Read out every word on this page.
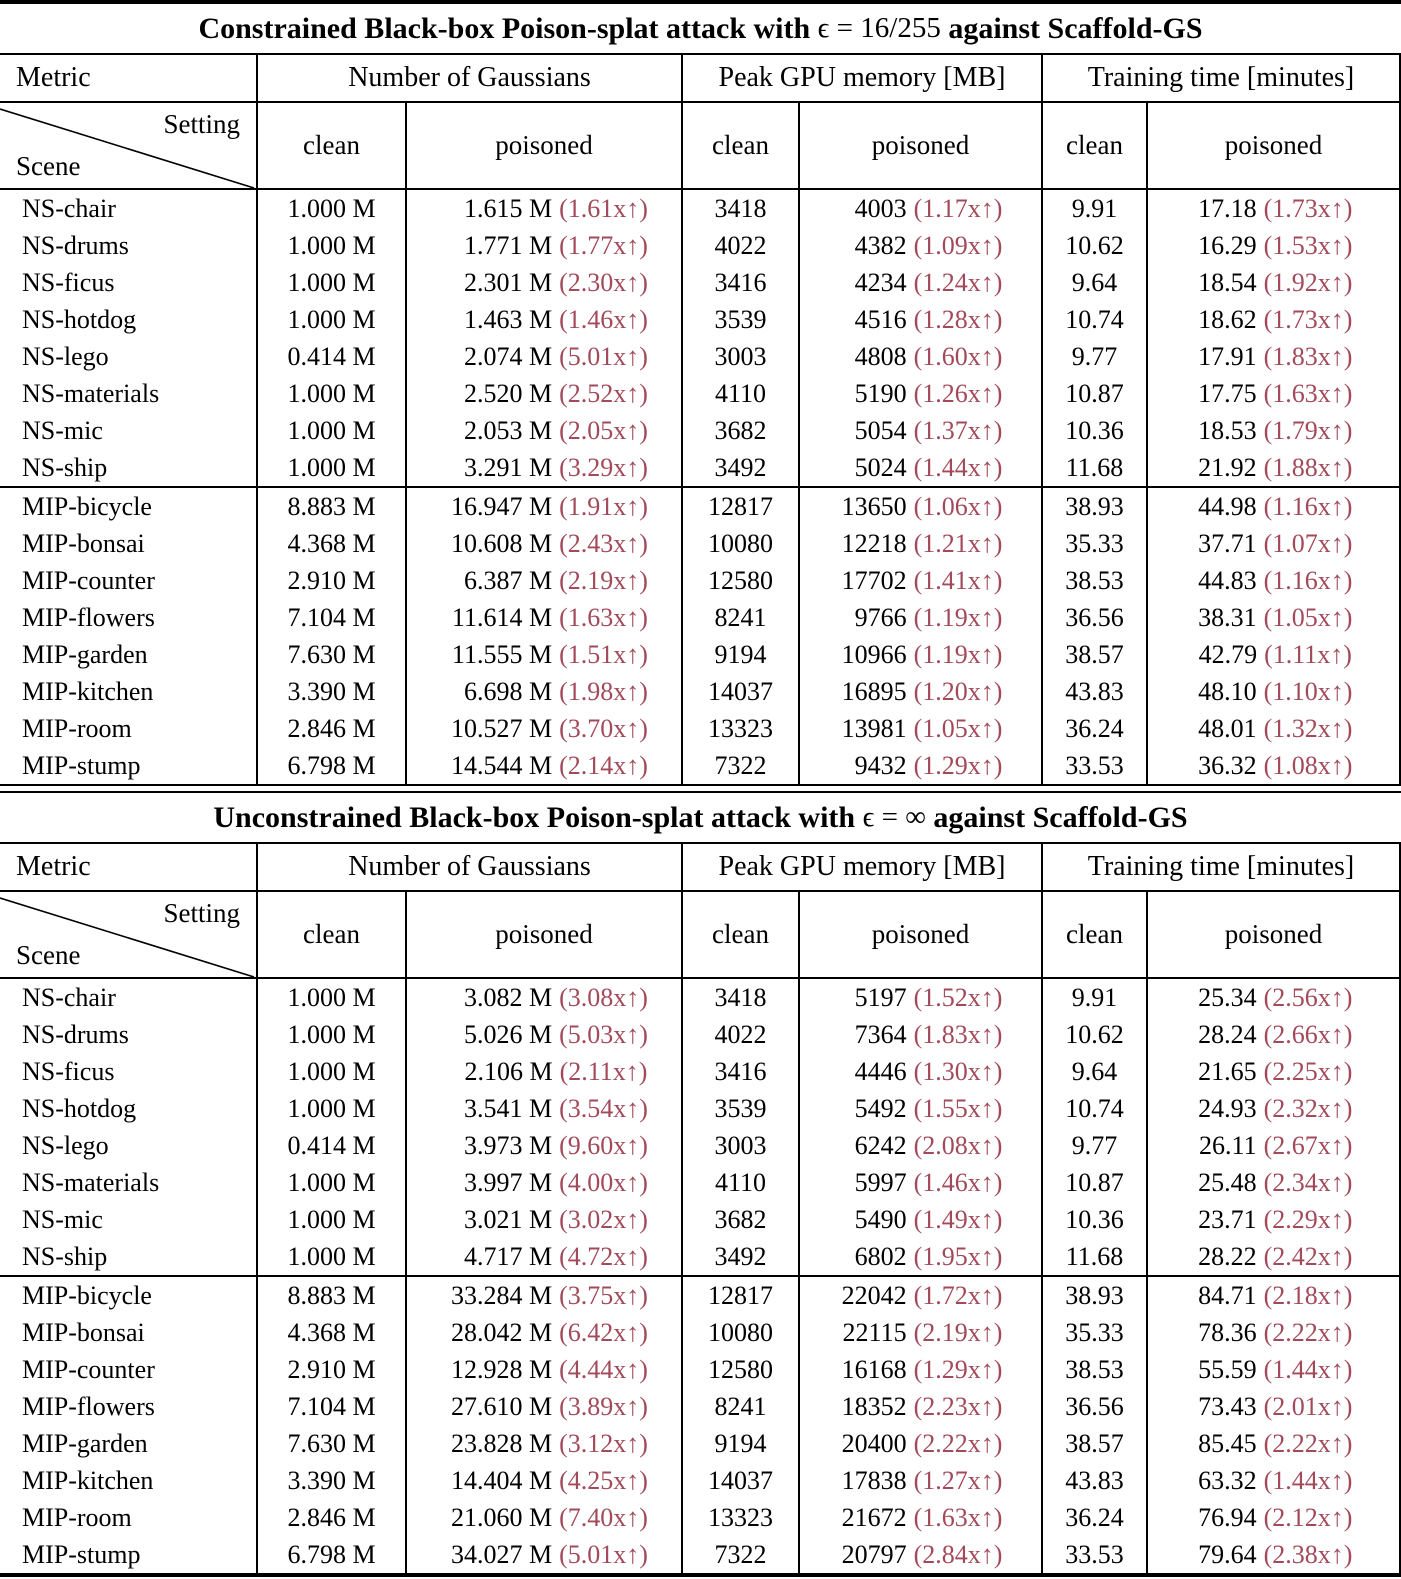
Constrained Black-box Poison-splat attack with ϵ = 16/255 against Scaffold-GS
Metric	Number of Gaussians	Peak GPU memory [MB]	Training time [minutes]
Setting
Scene
clean	poisoned	clean	poisoned	clean	poisoned
NS-chair	1.000 M	1.615 M (1.61x↑)	3418	4003 (1.17x↑)	9.91	17.18 (1.73x↑)
NS-drums	1.000 M	1.771 M (1.77x↑)	4022	4382 (1.09x↑)	10.62	16.29 (1.53x↑)
NS-ficus	1.000 M	2.301 M (2.30x↑)	3416	4234 (1.24x↑)	9.64	18.54 (1.92x↑)
NS-hotdog	1.000 M	1.463 M (1.46x↑)	3539	4516 (1.28x↑)	10.74	18.62 (1.73x↑)
NS-lego	0.414 M	2.074 M (5.01x↑)	3003	4808 (1.60x↑)	9.77	17.91 (1.83x↑)
NS-materials	1.000 M	2.520 M (2.52x↑)	4110	5190 (1.26x↑)	10.87	17.75 (1.63x↑)
NS-mic	1.000 M	2.053 M (2.05x↑)	3682	5054 (1.37x↑)	10.36	18.53 (1.79x↑)
NS-ship	1.000 M	3.291 M (3.29x↑)	3492	5024 (1.44x↑)	11.68	21.92 (1.88x↑)
MIP-bicycle	8.883 M	16.947 M (1.91x↑)	12817	13650 (1.06x↑)	38.93	44.98 (1.16x↑)
MIP-bonsai	4.368 M	10.608 M (2.43x↑)	10080	12218 (1.21x↑)	35.33	37.71 (1.07x↑)
MIP-counter	2.910 M	6.387 M (2.19x↑)	12580	17702 (1.41x↑)	38.53	44.83 (1.16x↑)
MIP-flowers	7.104 M	11.614 M (1.63x↑)	8241	9766 (1.19x↑)	36.56	38.31 (1.05x↑)
MIP-garden	7.630 M	11.555 M (1.51x↑)	9194	10966 (1.19x↑)	38.57	42.79 (1.11x↑)
MIP-kitchen	3.390 M	6.698 M (1.98x↑)	14037	16895 (1.20x↑)	43.83	48.10 (1.10x↑)
MIP-room	2.846 M	10.527 M (3.70x↑)	13323	13981 (1.05x↑)	36.24	48.01 (1.32x↑)
MIP-stump	6.798 M	14.544 M (2.14x↑)	7322	9432 (1.29x↑)	33.53	36.32 (1.08x↑)
Unconstrained Black-box Poison-splat attack with ϵ = ∞ against Scaffold-GS
Metric	Number of Gaussians	Peak GPU memory [MB]	Training time [minutes]
Setting
Scene
clean	poisoned	clean	poisoned	clean	poisoned
NS-chair	1.000 M	3.082 M (3.08x↑)	3418	5197 (1.52x↑)	9.91	25.34 (2.56x↑)
NS-drums	1.000 M	5.026 M (5.03x↑)	4022	7364 (1.83x↑)	10.62	28.24 (2.66x↑)
NS-ficus	1.000 M	2.106 M (2.11x↑)	3416	4446 (1.30x↑)	9.64	21.65 (2.25x↑)
NS-hotdog	1.000 M	3.541 M (3.54x↑)	3539	5492 (1.55x↑)	10.74	24.93 (2.32x↑)
NS-lego	0.414 M	3.973 M (9.60x↑)	3003	6242 (2.08x↑)	9.77	26.11 (2.67x↑)
NS-materials	1.000 M	3.997 M (4.00x↑)	4110	5997 (1.46x↑)	10.87	25.48 (2.34x↑)
NS-mic	1.000 M	3.021 M (3.02x↑)	3682	5490 (1.49x↑)	10.36	23.71 (2.29x↑)
NS-ship	1.000 M	4.717 M (4.72x↑)	3492	6802 (1.95x↑)	11.68	28.22 (2.42x↑)
MIP-bicycle	8.883 M	33.284 M (3.75x↑)	12817	22042 (1.72x↑)	38.93	84.71 (2.18x↑)
MIP-bonsai	4.368 M	28.042 M (6.42x↑)	10080	22115 (2.19x↑)	35.33	78.36 (2.22x↑)
MIP-counter	2.910 M	12.928 M (4.44x↑)	12580	16168 (1.29x↑)	38.53	55.59 (1.44x↑)
MIP-flowers	7.104 M	27.610 M (3.89x↑)	8241	18352 (2.23x↑)	36.56	73.43 (2.01x↑)
MIP-garden	7.630 M	23.828 M (3.12x↑)	9194	20400 (2.22x↑)	38.57	85.45 (2.22x↑)
MIP-kitchen	3.390 M	14.404 M (4.25x↑)	14037	17838 (1.27x↑)	43.83	63.32 (1.44x↑)
MIP-room	2.846 M	21.060 M (7.40x↑)	13323	21672 (1.63x↑)	36.24	76.94 (2.12x↑)
MIP-stump	6.798 M	34.027 M (5.01x↑)	7322	20797 (2.84x↑)	33.53	79.64 (2.38x↑)
